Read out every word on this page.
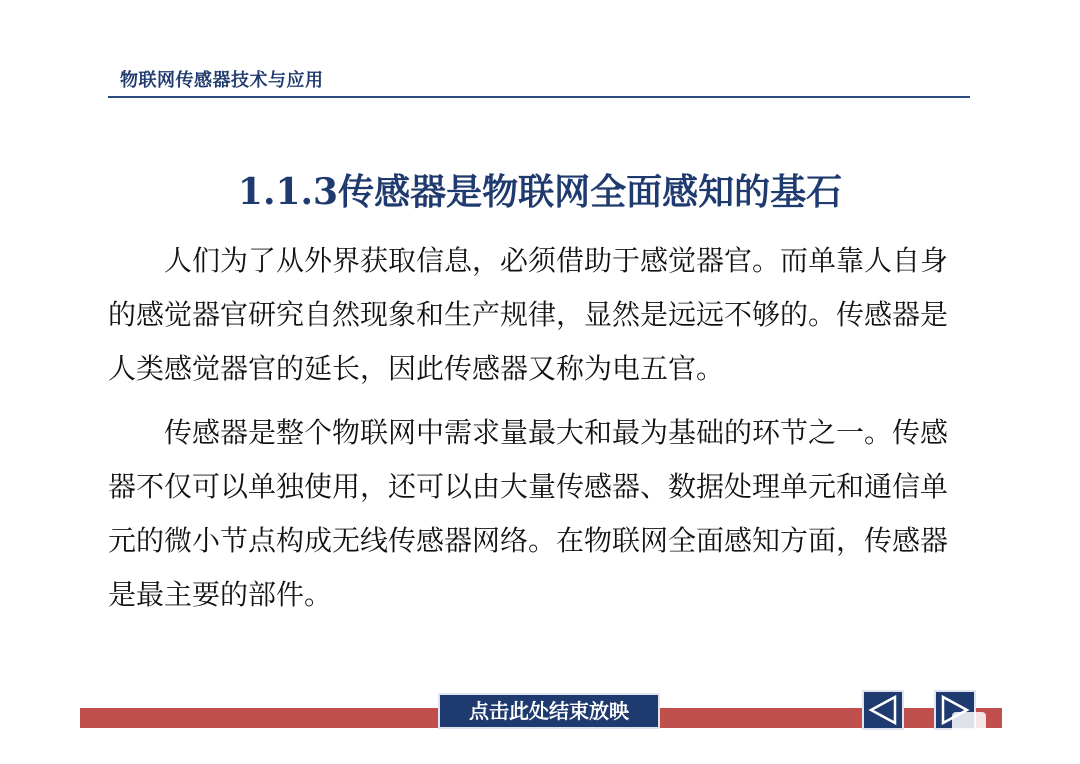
物联网传感器技术与应用
1.1.3传感器是物联网全面感知的基石

人们为了从外界获取信息，必须借助于感觉器官。而单靠人自身的感觉器官研究自然现象和生产规律，显然是远远不够的。传感器是人类感觉器官的延长，因此传感器又称为电五官。

传感器是整个物联网中需求量最大和最为基础的环节之一。传感器不仅可以单独使用，还可以由大量传感器、数据处理单元和通信单元的微小节点构成无线传感器网络。在物联网全面感知方面，传感器是最主要的部件。

点击此处结束放映
